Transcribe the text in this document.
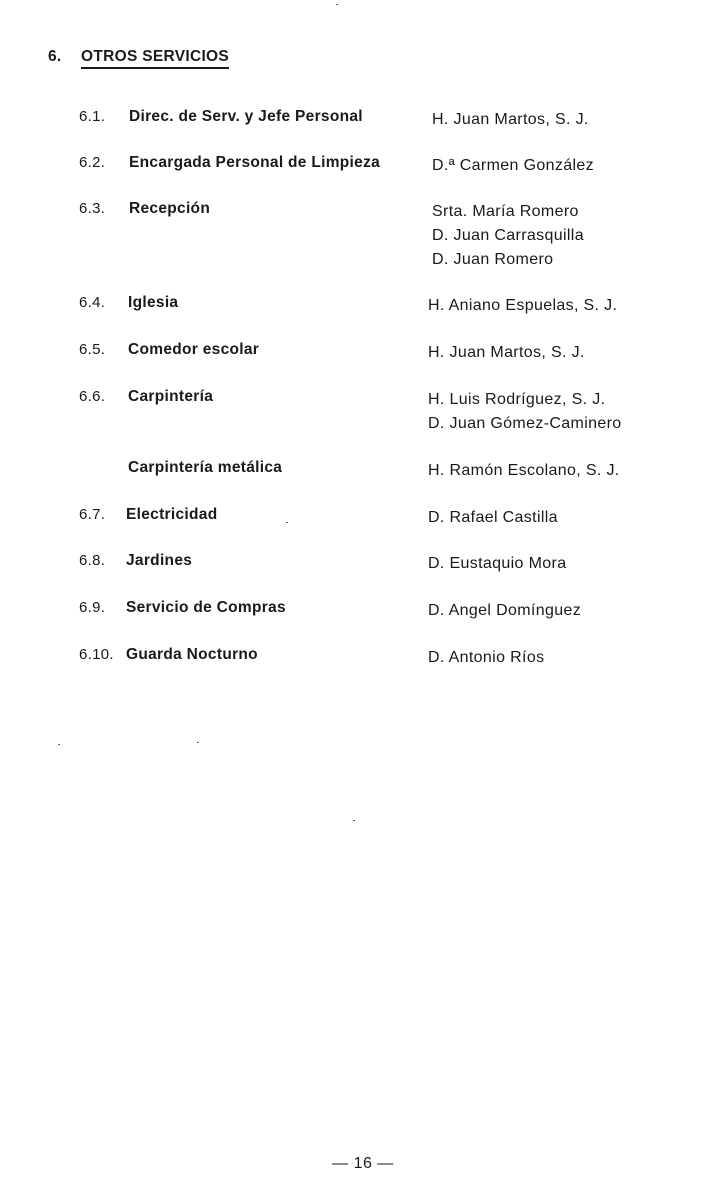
6. OTROS SERVICIOS
6.1. Direc. de Serv. y Jefe Personal	H. Juan Martos, S. J.
6.2. Encargada Personal de Limpieza	D.ª Carmen González
6.3. Recepción	Srta. María Romero
D. Juan Carrasquilla
D. Juan Romero
6.4. Iglesia	H. Aniano Espuelas, S. J.
6.5. Comedor escolar	H. Juan Martos, S. J.
6.6. Carpintería	H. Luis Rodríguez, S. J.
D. Juan Gómez-Caminero
Carpintería metálica	H. Ramón Escolano, S. J.
6.7. Electricidad	D. Rafael Castilla
6.8. Jardines	D. Eustaquio Mora
6.9. Servicio de Compras	D. Angel Domínguez
6.10. Guarda Nocturno	D. Antonio Ríos
— 16 —
